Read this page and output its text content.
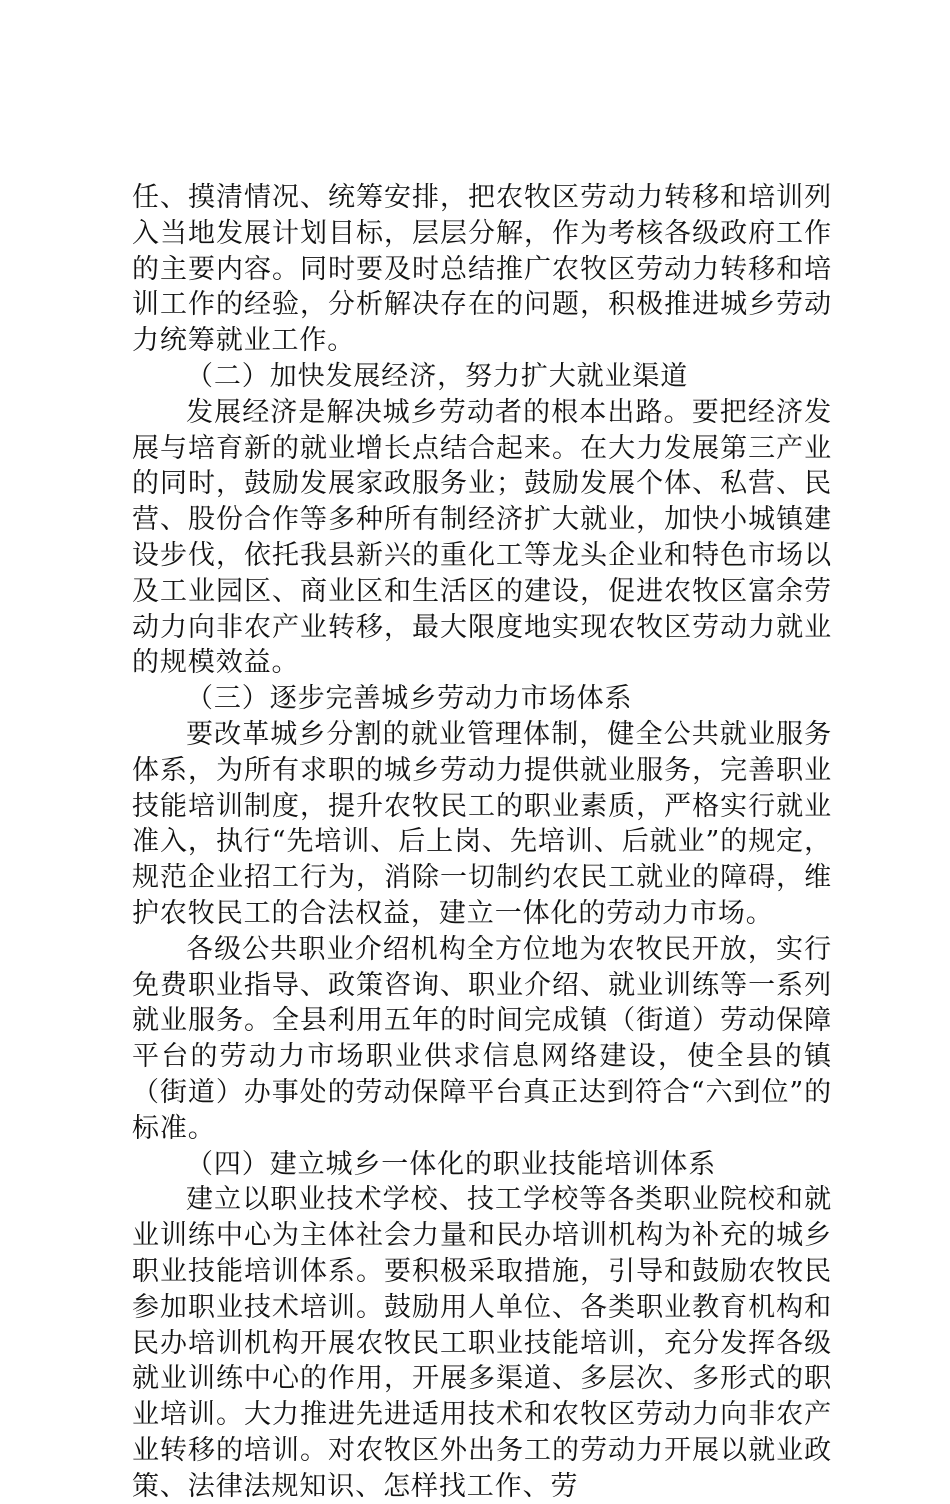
任、摸清情况、统筹安排，把农牧区劳动力转移和培训列入当地发展计划目标，层层分解，作为考核各级政府工作的主要内容。同时要及时总结推广农牧区劳动力转移和培训工作的经验，分析解决存在的问题，积极推进城乡劳动力统筹就业工作。

（二）加快发展经济，努力扩大就业渠道

发展经济是解决城乡劳动者的根本出路。要把经济发展与培育新的就业增长点结合起来。在大力发展第三产业的同时，鼓励发展家政服务业；鼓励发展个体、私营、民营、股份合作等多种所有制经济扩大就业，加快小城镇建设步伐，依托我县新兴的重化工等龙头企业和特色市场以及工业园区、商业区和生活区的建设，促进农牧区富余劳动力向非农产业转移，最大限度地实现农牧区劳动力就业的规模效益。

（三）逐步完善城乡劳动力市场体系

要改革城乡分割的就业管理体制，健全公共就业服务体系，为所有求职的城乡劳动力提供就业服务，完善职业技能培训制度，提升农牧民工的职业素质，严格实行就业准入，执行“先培训、后上岗、先培训、后就业”的规定，规范企业招工行为，消除一切制约农民工就业的障碍，维护农牧民工的合法权益，建立一体化的劳动力市场。

各级公共职业介绍机构全方位地为农牧民开放，实行免费职业指导、政策咨询、职业介绍、就业训练等一系列就业服务。全县利用五年的时间完成镇（街道）劳动保障平台的劳动力市场职业供求信息网络建设，使全县的镇（街道）办事处的劳动保障平台真正达到符合“六到位”的标准。

（四）建立城乡一体化的职业技能培训体系

建立以职业技术学校、技工学校等各类职业院校和就业训练中心为主体社会力量和民办培训机构为补充的城乡职业技能培训体系。要积极采取措施，引导和鼓励农牧民参加职业技术培训。鼓励用人单位、各类职业教育机构和民办培训机构开展农牧民工职业技能培训，充分发挥各级就业训练中心的作用，开展多渠道、多层次、多形式的职业培训。大力推进先进适用技术和农牧区劳动力向非农产业转移的培训。对农牧区外出务工的劳动力开展以就业政策、法律法规知识、怎样找工作、劳
